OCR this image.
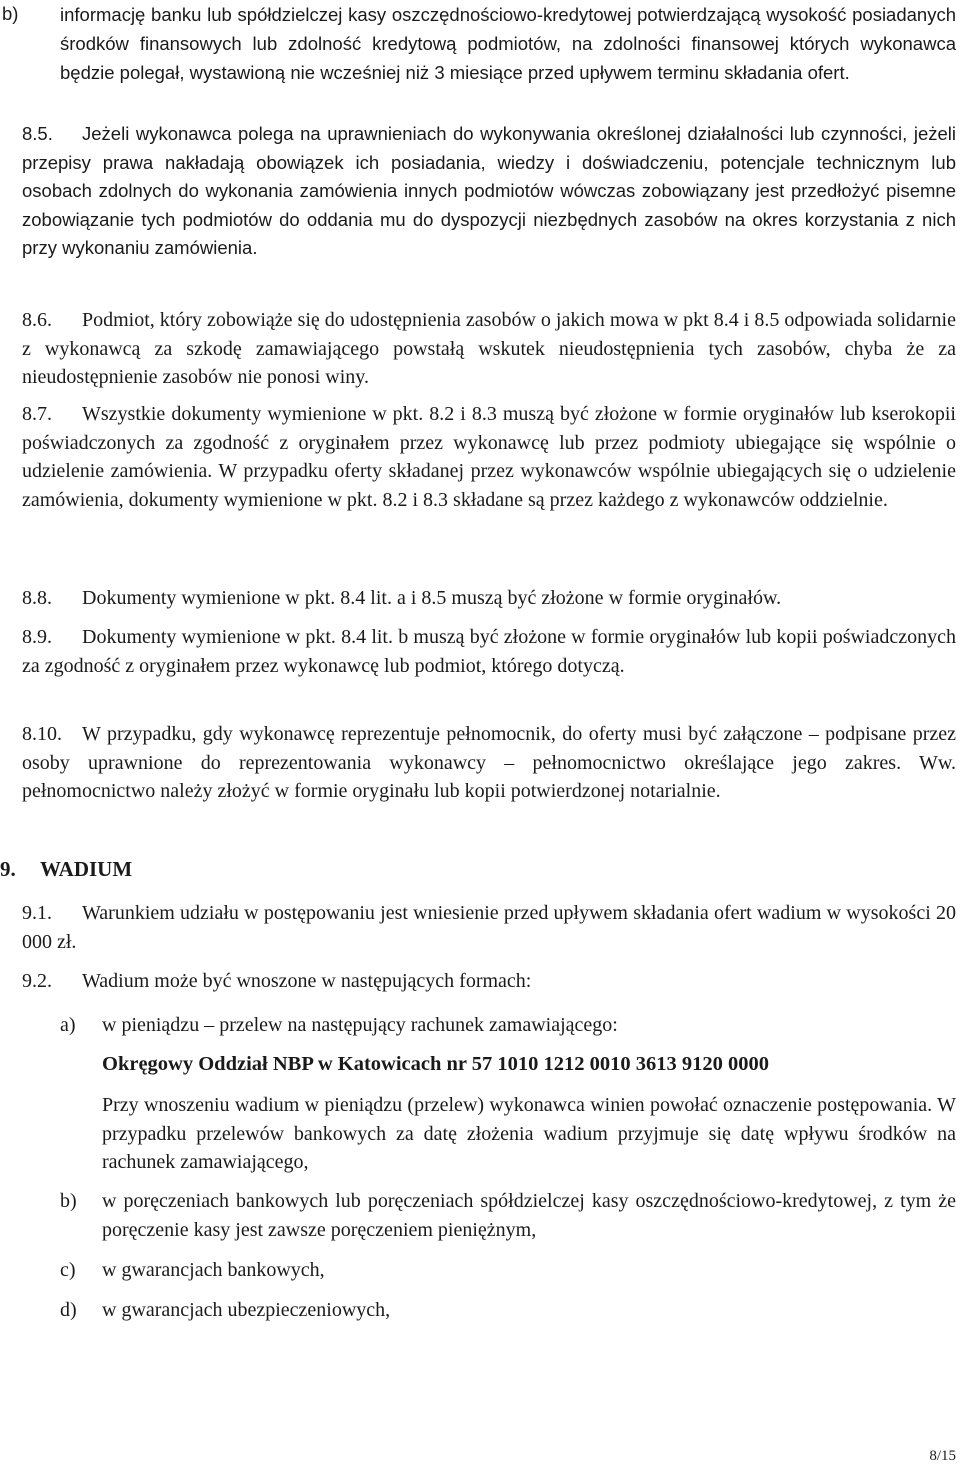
b) informację banku lub spółdzielczej kasy oszczędnościowo-kredytowej potwierdzającą wysokość posiadanych środków finansowych lub zdolność kredytową podmiotów, na zdolności finansowej których wykonawca będzie polegał, wystawioną nie wcześniej niż 3 miesiące przed upływem terminu składania ofert.

8.5. Jeżeli wykonawca polega na uprawnieniach do wykonywania określonej działalności lub czynności, jeżeli przepisy prawa nakładają obowiązek ich posiadania, wiedzy i doświadczeniu, potencjale technicznym lub osobach zdolnych do wykonania zamówienia innych podmiotów wówczas zobowiązany jest przedłożyć pisemne zobowiązanie tych podmiotów do oddania mu do dyspozycji niezbędnych zasobów na okres korzystania z nich przy wykonaniu zamówienia.

8.6. Podmiot, który zobowiąże się do udostępnienia zasobów o jakich mowa w pkt 8.4 i 8.5 odpowiada solidarnie z wykonawcą za szkodę zamawiającego powstałą wskutek nieudostępnienia tych zasobów, chyba że za nieudostępnienie zasobów nie ponosi winy.

8.7. Wszystkie dokumenty wymienione w pkt. 8.2 i 8.3 muszą być złożone w formie oryginałów lub kserokopii poświadczonych za zgodność z oryginałem przez wykonawcę lub przez podmioty ubiegające się wspólnie o udzielenie zamówienia. W przypadku oferty składanej przez wykonawców wspólnie ubiegających się o udzielenie zamówienia, dokumenty wymienione w pkt. 8.2 i 8.3 składane są przez każdego z wykonawców oddzielnie.

8.8. Dokumenty wymienione w pkt. 8.4 lit. a i 8.5 muszą być złożone w formie oryginałów.

8.9. Dokumenty wymienione w pkt. 8.4 lit. b muszą być złożone w formie oryginałów lub kopii poświadczonych za zgodność z oryginałem przez wykonawcę lub podmiot, którego dotyczą.

8.10. W przypadku, gdy wykonawcę reprezentuje pełnomocnik, do oferty musi być załączone – podpisane przez osoby uprawnione do reprezentowania wykonawcy – pełnomocnictwo określające jego zakres. Ww. pełnomocnictwo należy złożyć w formie oryginału lub kopii potwierdzonej notarialnie.

9. WADIUM

9.1. Warunkiem udziału w postępowaniu jest wniesienie przed upływem składania ofert wadium w wysokości 20 000 zł.

9.2. Wadium może być wnoszone w następujących formach:

a) w pieniądzu – przelew na następujący rachunek zamawiającego:

Okręgowy Oddział NBP w Katowicach nr 57 1010 1212 0010 3613 9120 0000

Przy wnoszeniu wadium w pieniądzu (przelew) wykonawca winien powołać oznaczenie postępowania. W przypadku przelewów bankowych za datę złożenia wadium przyjmuje się datę wpływu środków na rachunek zamawiającego,

b) w poręczeniach bankowych lub poręczeniach spółdzielczej kasy oszczędnościowo-kredytowej, z tym że poręczenie kasy jest zawsze poręczeniem pieniężnym,

c) w gwarancjach bankowych,

d) w gwarancjach ubezpieczeniowych,

8/15
